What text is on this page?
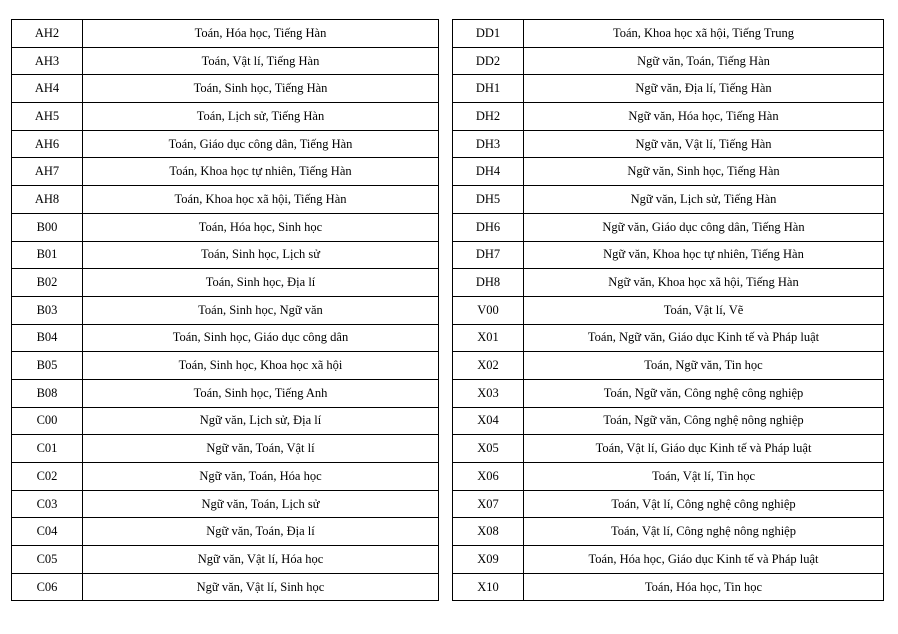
AH2	Toán, Hóa học, Tiếng Hàn
AH3	Toán, Vật lí, Tiếng Hàn
AH4	Toán, Sinh học, Tiếng Hàn
AH5	Toán, Lịch sử, Tiếng Hàn
AH6	Toán, Giáo dục công dân, Tiếng Hàn
AH7	Toán, Khoa học tự nhiên, Tiếng Hàn
AH8	Toán, Khoa học xã hội, Tiếng Hàn
B00	Toán, Hóa học, Sinh học
B01	Toán, Sinh học, Lịch sử
B02	Toán, Sinh học, Địa lí
B03	Toán, Sinh học, Ngữ văn
B04	Toán, Sinh học, Giáo dục công dân
B05	Toán, Sinh học, Khoa học xã hội
B08	Toán, Sinh học, Tiếng Anh
C00	Ngữ văn, Lịch sử, Địa lí
C01	Ngữ văn, Toán, Vật lí
C02	Ngữ văn, Toán, Hóa học
C03	Ngữ văn, Toán, Lịch sử
C04	Ngữ văn, Toán, Địa lí
C05	Ngữ văn, Vật lí, Hóa học
C06	Ngữ văn, Vật lí, Sinh học
DD1	Toán, Khoa học xã hội, Tiếng Trung
DD2	Ngữ văn, Toán, Tiếng Hàn
DH1	Ngữ văn, Địa lí, Tiếng Hàn
DH2	Ngữ văn, Hóa học, Tiếng Hàn
DH3	Ngữ văn, Vật lí, Tiếng Hàn
DH4	Ngữ văn, Sinh học, Tiếng Hàn
DH5	Ngữ văn, Lịch sử, Tiếng Hàn
DH6	Ngữ văn, Giáo dục công dân, Tiếng Hàn
DH7	Ngữ văn, Khoa học tự nhiên, Tiếng Hàn
DH8	Ngữ văn, Khoa học xã hội, Tiếng Hàn
V00	Toán, Vật lí, Vẽ
X01	Toán, Ngữ văn, Giáo dục Kinh tế và Pháp luật
X02	Toán, Ngữ văn, Tin học
X03	Toán, Ngữ văn, Công nghệ công nghiệp
X04	Toán, Ngữ văn, Công nghệ nông nghiệp
X05	Toán, Vật lí, Giáo dục Kinh tế và Pháp luật
X06	Toán, Vật lí, Tin học
X07	Toán, Vật lí, Công nghệ công nghiệp
X08	Toán, Vật lí, Công nghệ nông nghiệp
X09	Toán, Hóa học, Giáo dục Kinh tế và Pháp luật
X10	Toán, Hóa học, Tin học
